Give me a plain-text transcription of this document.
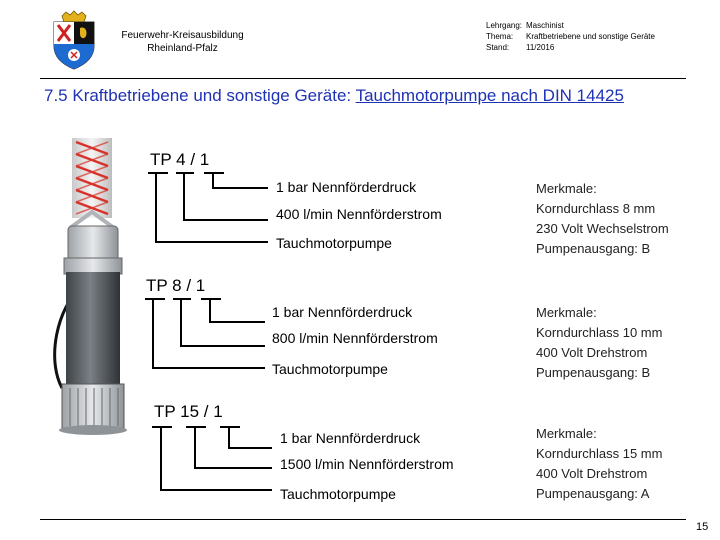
Feuerwehr-Kreisausbildung
Rheinland-Pfalz
Lehrgang: Maschinist
Thema: Kraftbetriebene und sonstige Geräte
Stand: 11/2016
7.5 Kraftbetriebene und sonstige Geräte: Tauchmotorpumpe nach DIN 14425
TP 4 / 1
1 bar Nennförderdruck
400 l/min Nennförderstrom
Tauchmotorpumpe
Merkmale:
Korndurchlass 8 mm
230 Volt Wechselstrom
Pumpenausgang: B
TP 8 / 1
1 bar Nennförderdruck
800 l/min Nennförderstrom
Tauchmotorpumpe
Merkmale:
Korndurchlass 10 mm
400 Volt Drehstrom
Pumpenausgang: B
TP 15 / 1
1 bar Nennförderdruck
1500 l/min Nennförderstrom
Tauchmotorpumpe
Merkmale:
Korndurchlass 15 mm
400 Volt Drehstrom
Pumpenausgang: A
15
